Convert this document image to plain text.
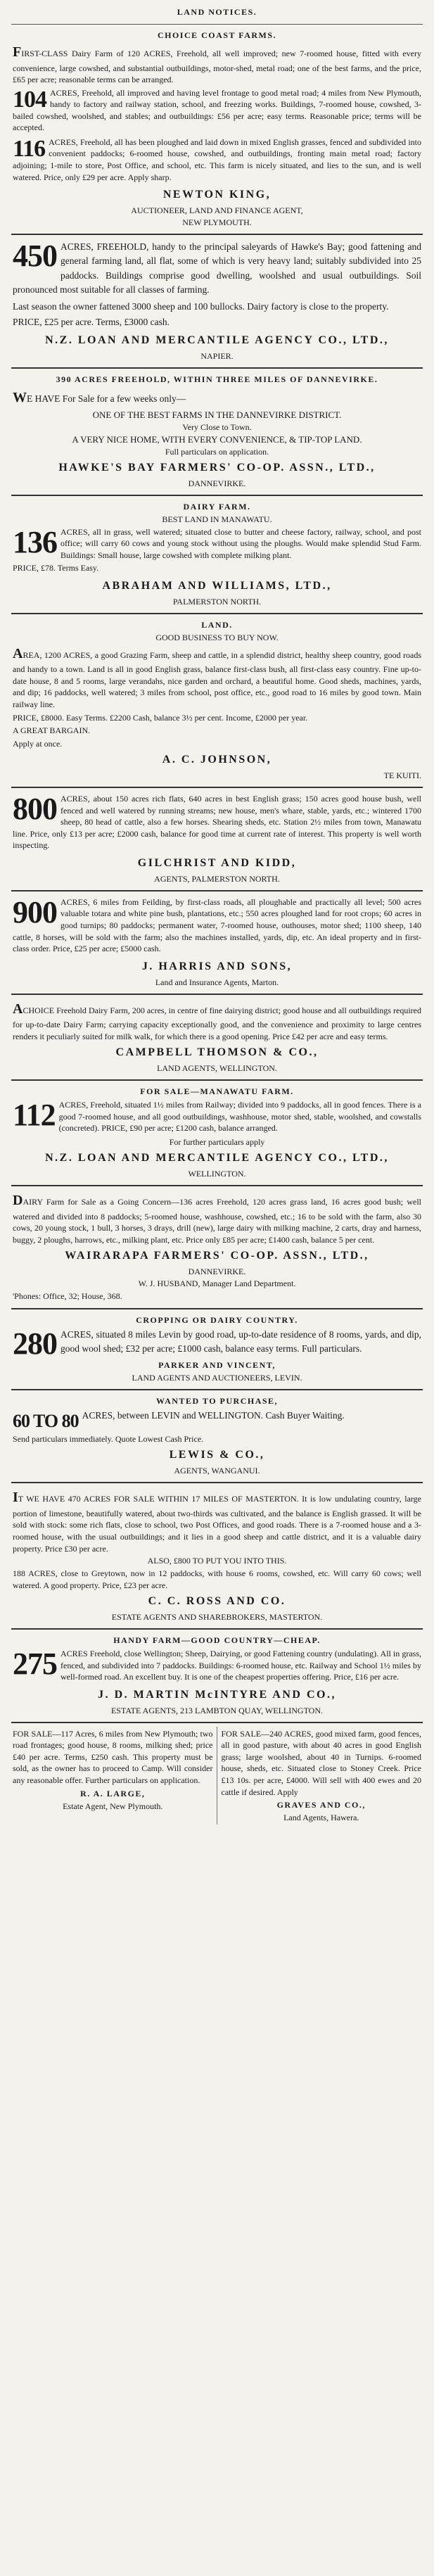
LAND NOTICES.
CHOICE COAST FARMS.

FIRST-CLASS Dairy Farm of 120 ACRES, Freehold, all well improved; new 7-roomed house, fitted with every convenience, large cowshed, and substantial outbuildings, motor-shed, metal road; one of the best farms, and the price, £65 per acre; reasonable terms can be arranged.

104 ACRES, Freehold, all improved and having level frontage to good metal road; 4 miles from New Plymouth, handy to factory and railway station, school, and freezing works. Buildings, 7-roomed house, cowshed, 3-bailed cowshed, woolshed, and stables; and outbuildings: £56 per acre; easy terms. Reasonable price; terms will be accepted.

116 ACRES, Freehold, all has been ploughed and laid down in mixed English grasses, fenced and subdivided into convenient paddocks; 6-roomed house, cowshed, and outbuildings, fronting main metal road; factory adjoining; 1-mile to store, Post Office, and school, etc. This farm is nicely situated, and lies to the sun, and is well watered. Price, only £29 per acre. Apply sharp.

NEWTON KING,
AUCTIONEER, LAND AND FINANCE AGENT,
NEW PLYMOUTH.

450 ACRES, FREEHOLD, handy to the principal saleyards of Hawke's Bay; good fattening and general farming land, all flat, some of which is very heavy land; suitably subdivided into 25 paddocks. Buildings comprise good dwelling, woolshed and usual outbuildings. Soil pronounced most suitable for all classes of farming.

Last season the owner fattened 3000 sheep and 100 bullocks. Dairy factory is close to the property.

PRICE, £25 per acre. Terms, £3000 cash.

N.Z. LOAN AND MERCANTILE AGENCY CO., LTD.,
NAPIER.
390 ACRES FREEHOLD, WITHIN THREE MILES OF DANNEVIRKE.

WE HAVE For Sale for a few weeks only—

ONE OF THE BEST FARMS IN THE DANNEVIRKE DISTRICT.
Very Close to Town.
A VERY NICE HOME, WITH EVERY CONVENIENCE, & TIP-TOP LAND.
Full particulars on application.
HAWKE'S BAY FARMERS' CO-OP. ASSN., LTD.,
DANNEVIRKE.
DAIRY FARM.
BEST LAND IN MANAWATU.

136 ACRES, all in grass, well watered; situated close to butter and cheese factory, railway, school, and post office; will carry 60 cows and young stock without using the ploughs. Would make splendid Stud Farm. Buildings: Small house, large cowshed with complete milking plant.

PRICE, £78. Terms Easy.

ABRAHAM AND WILLIAMS, LTD.,
PALMERSTON NORTH.
LAND.
GOOD BUSINESS TO BUY NOW.

AREA, 1200 ACRES, a good Grazing Farm, sheep and cattle, in a splendid district, healthy sheep country, good roads and handy to a town. Land is all in good English grass, balance first-class bush, all first-class easy country. Fine up-to-date house, 8 and 5 rooms, large verandahs, nice garden and orchard, a beautiful home. Good sheds, machines, yards, and dip; 16 paddocks, well watered; 3 miles from school, post office, etc., good road to 16 miles by good town. Main railway line.

PRICE, £8000. Easy Terms. £2200 Cash, balance 3½ per cent. Income, £2000 per year.

A GREAT BARGAIN.

Apply at once.

A. C. JOHNSON,
TE KUITI.

800 ACRES, about 150 acres rich flats, 640 acres in best English grass; 150 acres good house bush, well fenced and well watered by running streams; new house, men's whare, stable, yards, etc.; wintered 1700 sheep, 80 head of cattle, also a few horses. Shearing sheds, etc. Station 2½ miles from town, Manawatu line. Price, only £13 per acre; £2000 cash, balance for good time at current rate of interest. This property is well worth inspecting.

GILCHRIST AND KIDD,
AGENTS, PALMERSTON NORTH.

900 ACRES, 6 miles from Feilding, by first-class roads, all ploughable and practically all level; 500 acres valuable totara and white pine bush, plantations, etc.; 550 acres ploughed land for root crops; 60 acres in good turnips; 80 paddocks; permanent water, 7-roomed house, outhouses, motor shed; 1100 sheep, 140 cattle, 8 horses, will be sold with the farm; also the machines installed, yards, dip, etc. An ideal property and in first-class order. Price, £25 per acre; £5000 cash.

J. HARRIS AND SONS,
Land and Insurance Agents, Marton.

ACHOICE Freehold Dairy Farm, 200 acres, in centre of fine dairying district; good house and all outbuildings required for up-to-date Dairy Farm; carrying capacity exceptionally good, and the convenience and proximity to large centres renders it peculiarly suited for milk walk, for which there is a good opening. Price £42 per acre and easy terms.

CAMPBELL THOMSON & CO.,
LAND AGENTS, WELLINGTON.
FOR SALE—MANAWATU FARM.

112 ACRES, Freehold, situated 1½ miles from Railway; divided into 9 paddocks, all in good fences. There is a good 7-roomed house, and all good outbuildings, washhouse, motor shed, stable, woolshed, and cowstalls (concreted). PRICE, £90 per acre; £1200 cash, balance arranged.

For further particulars apply
N.Z. LOAN AND MERCANTILE AGENCY CO., LTD.,
WELLINGTON.

DAIRY Farm for Sale as a Going Concern—136 acres Freehold, 120 acres grass land, 16 acres good bush; well watered and divided into 8 paddocks; 5-roomed house, washhouse, cowshed, etc.; 16 to be sold with the farm, also 30 cows, 20 young stock, 1 bull, 3 horses, 3 drays, drill (new), large dairy with milking machine, 2 carts, dray and harness, buggy, 2 ploughs, harrows, etc., milking plant, etc. Price only £85 per acre; £1400 cash, balance 5 per cent.

WAIRARAPA FARMERS' CO-OP. ASSN., LTD.,
DANNEVIRKE.
W. J. HUSBAND, Manager Land Department.

'Phones: Office, 32; House, 368.

CROPPING OR DAIRY COUNTRY.

280 ACRES, situated 8 miles Levin by good road, up-to-date residence of 8 rooms, yards, and dip, good wool shed; £32 per acre; £1000 cash, balance easy terms. Full particulars.

PARKER AND VINCENT,
LAND AGENTS AND AUCTIONEERS, LEVIN.
WANTED TO PURCHASE,

60 TO 80 ACRES, between LEVIN and WELLINGTON. Cash Buyer Waiting.

Send particulars immediately. Quote Lowest Cash Price.

LEWIS & CO.,
AGENTS, WANGANUI.

IT WE HAVE 470 ACRES FOR SALE WITHIN 17 MILES OF MASTERTON. It is low undulating country, large portion of limestone, beautifully watered, about two-thirds was cultivated, and the balance is English grassed. It will be sold with stock: some rich flats, close to school, two Post Offices, and good roads. There is a 7-roomed house and a 3-roomed house, with the usual outbuildings; and it lies in a good sheep and cattle district, and it is a valuable dairy property. Price £30 per acre.

ALSO, £800 TO PUT YOU INTO THIS.

188 ACRES, close to Greytown, now in 12 paddocks, with house 6 rooms, cowshed, etc. Will carry 60 cows; well watered. A good property. Price, £23 per acre.

C. C. ROSS AND CO.
ESTATE AGENTS AND SHAREBROKERS, MASTERTON.
HANDY FARM—GOOD COUNTRY—CHEAP.

275 ACRES Freehold, close Wellington; Sheep, Dairying, or good Fattening country (undulating). All in grass, fenced, and subdivided into 7 paddocks. Buildings: 6-roomed house, etc. Railway and School 1½ miles by well-formed road. An excellent buy. It is one of the cheapest properties offering. Price, £16 per acre.

J. D. MARTIN McINTYRE AND CO.,
ESTATE AGENTS, 213 LAMBTON QUAY, WELLINGTON.

FOR SALE—117 Acres, 6 miles from New Plymouth; two road frontages; good house, 8 rooms, milking shed; price £40 per acre. Terms, £250 cash. This property must be sold, as the owner has to proceed to Camp. Will consider any reasonable offer. Further particulars on application.

R. A. LARGE,
Estate Agent, New Plymouth.

FOR SALE—240 ACRES, good mixed farm, good fences, all in good pasture, with about 40 acres in good English grass; large woolshed, about 40 in Turnips. 6-roomed house, sheds, etc. Situated close to Stoney Creek. Price £13 10s. per acre, £4000. Will sell with 400 ewes and 20 cattle if desired. Apply

GRAVES AND CO.,
Land Agents, Hawera.
